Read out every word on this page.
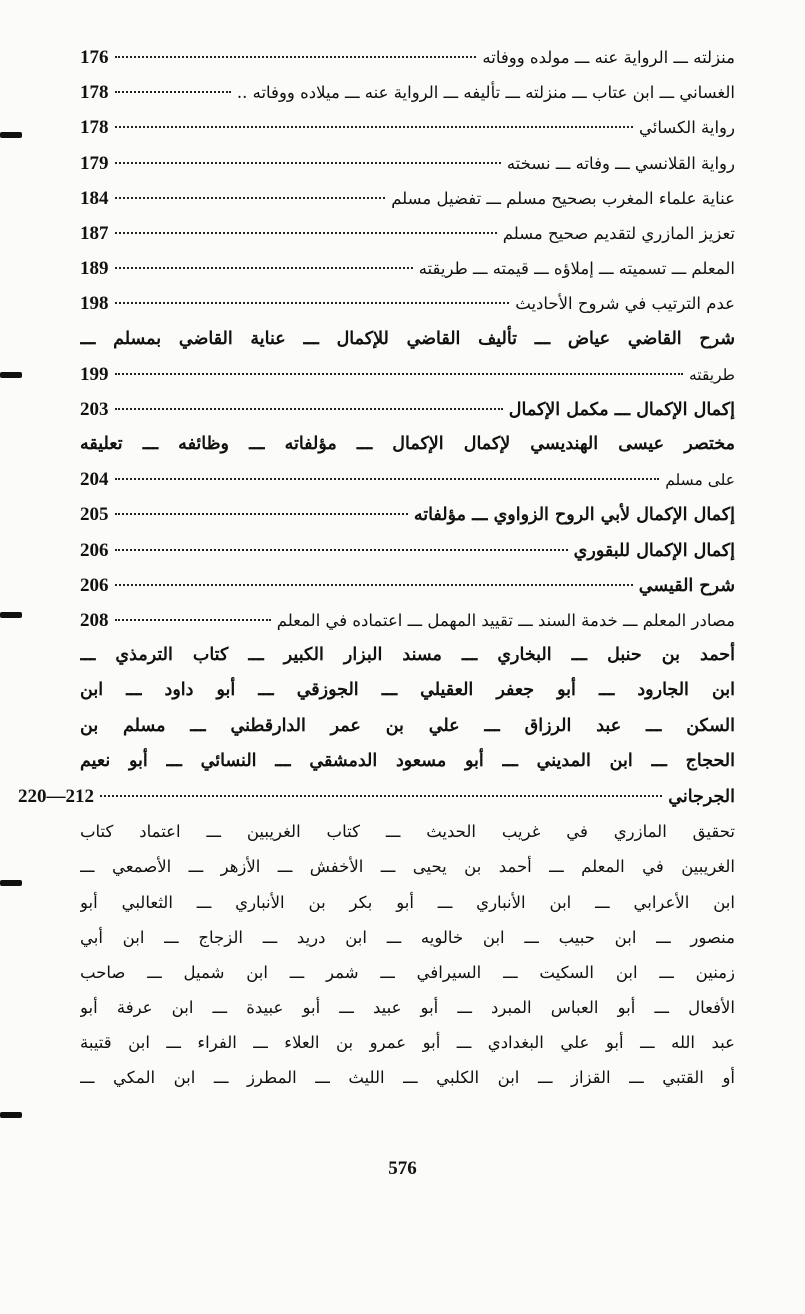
منزلته ـــ الرواية عنه ـــ مولده ووفاته
176
الغساني ـــ ابن عتاب ـــ منزلته ـــ تأليفه ـــ الرواية عنه ـــ ميلاده ووفاته ..
178
رواية الكسائي
178
رواية القلانسي ـــ وفاته ـــ نسخته
179
عناية علماء المغرب بصحيح مسلم ـــ تفضيل مسلم
184
تعزيز المازري لتقديم صحيح مسلم
187
المعلم ـــ تسميته ـــ إملاؤه ـــ قيمته ـــ طريقته
189
عدم الترتيب في شروح الأحاديث
198
شرح القاضي عياض ـــ تأليف القاضي للإكمال ـــ عناية القاضي بمسلم ـــ
طريقته
199
إكمال الإكمال ـــ مكمل الإكمال
203
مختصر عيسى الهنديسي لإكمال الإكمال ـــ مؤلفاته ـــ وظائفه ـــ تعليقه
على مسلم
204
إكمال الإكمال لأبي الروح الزواوي ـــ مؤلفاته
205
إكمال الإكمال للبقوري
206
شرح القيسي
206
مصادر المعلم ـــ خدمة السند ـــ تقييد المهمل ـــ اعتماده في المعلم
208
أحمد بن حنبل ـــ البخاري ـــ مسند البزار الكبير ـــ كتاب الترمذي ـــ
ابن الجارود ـــ أبو جعفر العقيلي ـــ الجوزقي ـــ أبو داود ـــ ابن
السكن ـــ عبد الرزاق ـــ علي بن عمر الدارقطني ـــ مسلم بن
الحجاج ـــ ابن المديني ـــ أبو مسعود الدمشقي ـــ النسائي ـــ أبو نعيم
الجرجاني
220—212
تحقيق المازري في غريب الحديث ـــ كتاب الغريبين ـــ اعتماد كتاب
الغريبين في المعلم ـــ أحمد بن يحيى ـــ الأخفش ـــ الأزهر ـــ الأصمعي ـــ
ابن الأعرابي ـــ ابن الأنباري ـــ أبو بكر بن الأنباري ـــ الثعالبي أبو
منصور ـــ ابن حبيب ـــ ابن خالويه ـــ ابن دريد ـــ الزجاج ـــ ابن أبي
زمنين ـــ ابن السكيت ـــ السيرافي ـــ شمر ـــ ابن شميل ـــ صاحب
الأفعال ـــ أبو العباس المبرد ـــ أبو عبيد ـــ أبو عبيدة ـــ ابن عرفة أبو
عبد الله ـــ أبو علي البغدادي ـــ أبو عمرو بن العلاء ـــ الفراء ـــ ابن قتيبة
أو القتبي ـــ القزاز ـــ ابن الكلبي ـــ الليث ـــ المطرز ـــ ابن المكي ـــ
576
